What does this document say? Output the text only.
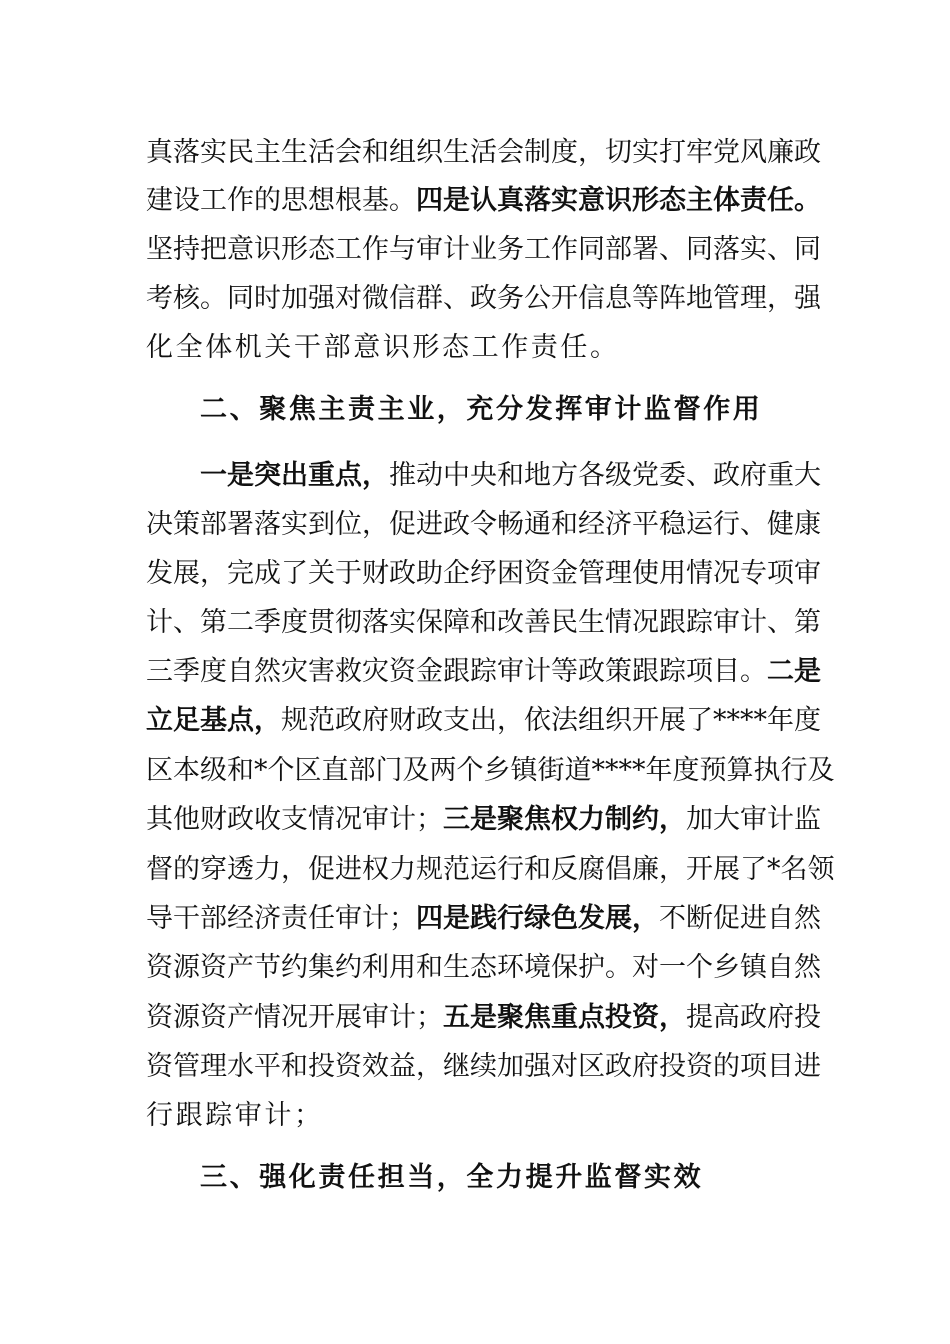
真落实民主生活会和组织生活会制度，切实打牢党风廉政
建设工作的思想根基。四是认真落实意识形态主体责任。
坚持把意识形态工作与审计业务工作同部署、同落实、同
考核。同时加强对微信群、政务公开信息等阵地管理，强
化全体机关干部意识形态工作责任。
二、聚焦主责主业，充分发挥审计监督作用
一是突出重点，推动中央和地方各级党委、政府重大
决策部署落实到位，促进政令畅通和经济平稳运行、健康
发展，完成了关于财政助企纾困资金管理使用情况专项审
计、第二季度贯彻落实保障和改善民生情况跟踪审计、第
三季度自然灾害救灾资金跟踪审计等政策跟踪项目。二是
立足基点，规范政府财政支出，依法组织开展了****年度
区本级和*个区直部门及两个乡镇街道****年度预算执行及
其他财政收支情况审计；三是聚焦权力制约，加大审计监
督的穿透力，促进权力规范运行和反腐倡廉，开展了*名领
导干部经济责任审计；四是践行绿色发展，不断促进自然
资源资产节约集约利用和生态环境保护。对一个乡镇自然
资源资产情况开展审计；五是聚焦重点投资，提高政府投
资管理水平和投资效益，继续加强对区政府投资的项目进
行跟踪审计；
三、强化责任担当，全力提升监督实效
